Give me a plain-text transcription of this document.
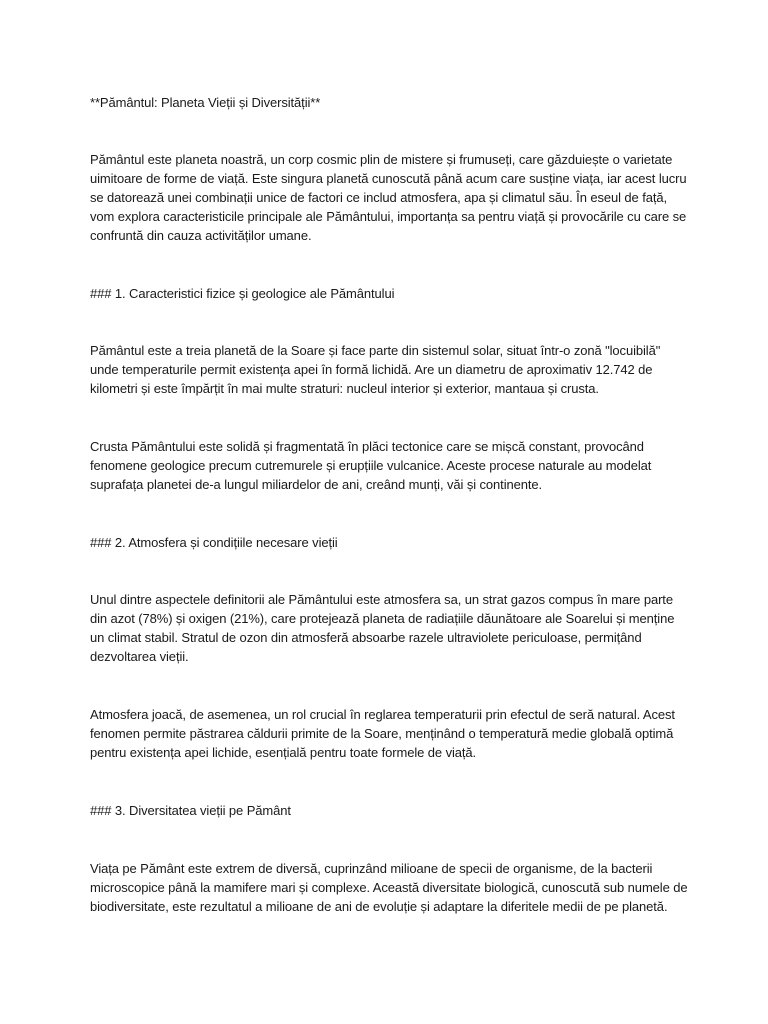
**Pământul: Planeta Vieții și Diversității**

Pământul este planeta noastră, un corp cosmic plin de mistere și frumuseți, care găzduiește o varietate uimitoare de forme de viață. Este singura planetă cunoscută până acum care susține viața, iar acest lucru se datorează unei combinații unice de factori ce includ atmosfera, apa și climatul său. În eseul de față, vom explora caracteristicile principale ale Pământului, importanța sa pentru viață și provocările cu care se confruntă din cauza activităților umane.

### 1. Caracteristici fizice și geologice ale Pământului

Pământul este a treia planetă de la Soare și face parte din sistemul solar, situat într-o zonă "locuibilă" unde temperaturile permit existența apei în formă lichidă. Are un diametru de aproximativ 12.742 de kilometri și este împărțit în mai multe straturi: nucleul interior și exterior, mantaua și crusta.

Crusta Pământului este solidă și fragmentată în plăci tectonice care se mișcă constant, provocând fenomene geologice precum cutremurele și erupțiile vulcanice. Aceste procese naturale au modelat suprafața planetei de-a lungul miliardelor de ani, creând munți, văi și continente.

### 2. Atmosfera și condițiile necesare vieții

Unul dintre aspectele definitorii ale Pământului este atmosfera sa, un strat gazos compus în mare parte din azot (78%) și oxigen (21%), care protejează planeta de radiațiile dăunătoare ale Soarelui și menține un climat stabil. Stratul de ozon din atmosferă absoarbe razele ultraviolete periculoase, permițând dezvoltarea vieții.

Atmosfera joacă, de asemenea, un rol crucial în reglarea temperaturii prin efectul de seră natural. Acest fenomen permite păstrarea căldurii primite de la Soare, menținând o temperatură medie globală optimă pentru existența apei lichide, esențială pentru toate formele de viață.

### 3. Diversitatea vieții pe Pământ

Viața pe Pământ este extrem de diversă, cuprinzând milioane de specii de organisme, de la bacterii microscopice până la mamifere mari și complexe. Această diversitate biologică, cunoscută sub numele de biodiversitate, este rezultatul a milioane de ani de evoluție și adaptare la diferitele medii de pe planetă.
